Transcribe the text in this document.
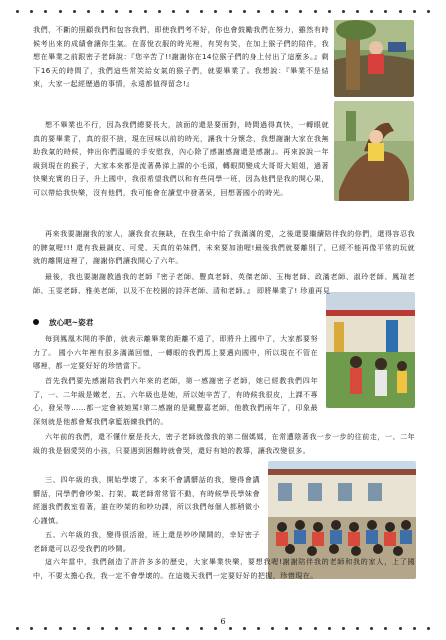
我們，不斷的照顧我們和包容我們，即使我們考不好，你也會鼓勵我們在努力，雖然有時候考出來的成績會讓你生氣。在喜悅衣服的時光裡，有哭有笑，在加上猴子們的陪伴，我想在畢業之前跟密子老師說：『您辛苦了!!謝謝你在14位猴子們的身上付出了這麼多。』剩下16天的時間了，我們這些常笑給女氣的猴子們，就要畢業了。我想說：『畢業不是結束，大家一起經歷過的事情，永遠都值得留念!』

想不畢業也不行，因為我們總要長大，該面的還是要面對，時間過得真快，一轉眼就真的要畢業了，真的很不捨，現在回味以前的時光，讓我十分懷念，我想謝謝大家在我無助我氣的時候，伸出你們溫暖的手安慰我，內心除了感謝感謝還是感謝』。再來說說一年級到現在的猴子，大家本來都是流著鼻涕上課的小毛頭，轉眼間變成大哥哥大姐姐，過著快樂充實的日子，升上國中，我很希望我們以和有些同學一班，因為他們是我的開心果，可以帶給我快樂，沒有他們，我可能會在讀堂中發著呆，回想著國小的時光。

再來我要謝謝我的家人，讓我食衣無缺，在我生命中給了我滿滿的愛，之後還要繼續陪伴我的你們，還得容忍我的脾氣喔!!! 還有我最調皮、可愛、天真的弟妹們，未來要加油喔!最後我們就要離別了，已經不能再像平常的玩就就的離開這裡了，謝謝你們讓我開心了六年。

最後，我也要謝謝教過我的老師『密子老師、豐真老師、英傑老師、玉梅老師、政滿老師、淑玲老師、鳳瑄老師、玉雯老師、雅美老師，以及不在校園的詩萍老師、清和老師。』 即將畢業了! 珍重再見

放心吧~姿君

每到鳳凰木開的季節，就表示離畢業的距離不遠了，即將升上國中了，大家都要努力了。 國小六年裡有很多滿滿回憶，一轉眼的我們馬上要邁向國中，所以現在不管在哪裡，都一定要好好的珍惜當下。

首先我們要先感謝陪我們六年來的老師，第一感謝密子老師，她已經教我們四年了，一、二年級是嫩老，五、六年級也是她，所以她辛苦了，有時候我很皮，上課不專心，發呆等……都一定會被她罵!第二感謝的是戴豐嘉老師，他教我們兩年了，印象最深刻就是他都會幫我們拿籃筋練我們的。

六年前的我們，還不懂什麼是長大，密子老師就像我的第二個媽媽，在常遭陰著我一步一步的往前走，一、二年級的我是個愛哭的小孩，只要遇到困難時就會哭，還好有她的教導，讓我改變很多。

三、四年級的我，開始學壞了，本來不會講髒話的我，變得會講髒話，同學們會吵架、打架，載老師常常管不動，有時候學長學妹會經過我們教室看著，誰在吵架的和吵功課，所以我們每個人都稍微小心謹慎。

五、六年級的我，變得很活潑，班上還是吵吵鬧鬧的，幸好密子老師還可以忍受我們的吵鬧。

這六年當中，我們創造了許許多多的歷史，大家畢業快樂，要想我喔!謝謝陪伴我的老師和我的家人，上了國中，不要太擔心我，我一定不會學壞的。在這幾天我們一定要好好的把握，珍惜現在。

6
